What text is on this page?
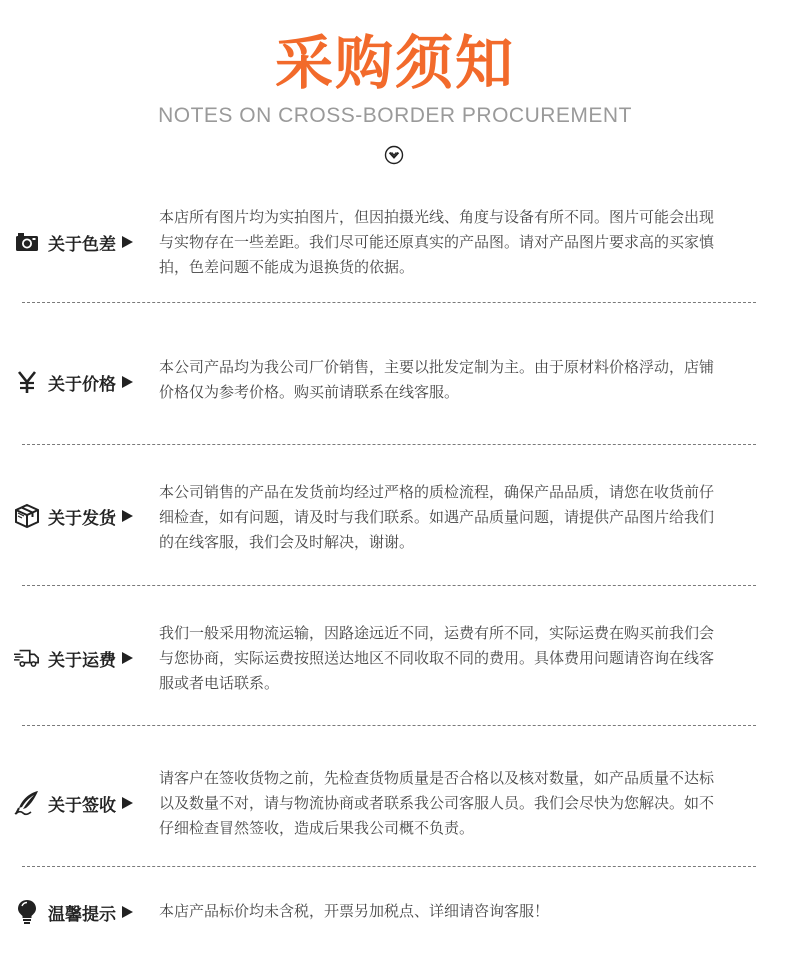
采购须知
NOTES ON CROSS-BORDER PROCUREMENT
关于色差
本店所有图片均为实拍图片，但因拍摄光线、角度与设备有所不同。图片可能会出现与实物存在一些差距。我们尽可能还原真实的产品图。请对产品图片要求高的买家慎拍，色差问题不能成为退换货的依据。
关于价格
本公司产品均为我公司厂价销售，主要以批发定制为主。由于原材料价格浮动，店铺价格仅为参考价格。购买前请联系在线客服。
关于发货
本公司销售的产品在发货前均经过严格的质检流程，确保产品品质，请您在收货前仔细检查，如有问题，请及时与我们联系。如遇产品质量问题，请提供产品图片给我们的在线客服，我们会及时解决，谢谢。
关于运费
我们一般采用物流运输，因路途远近不同，运费有所不同，实际运费在购买前我们会与您协商，实际运费按照送达地区不同收取不同的费用。具体费用问题请咨询在线客服或者电话联系。
关于签收
请客户在签收货物之前，先检查货物质量是否合格以及核对数量，如产品质量不达标以及数量不对，请与物流协商或者联系我公司客服人员。我们会尽快为您解决。如不仔细检查冒然签收，造成后果我公司概不负责。
温馨提示	本店产品标价均未含税，开票另加税点、详细请咨询客服！
